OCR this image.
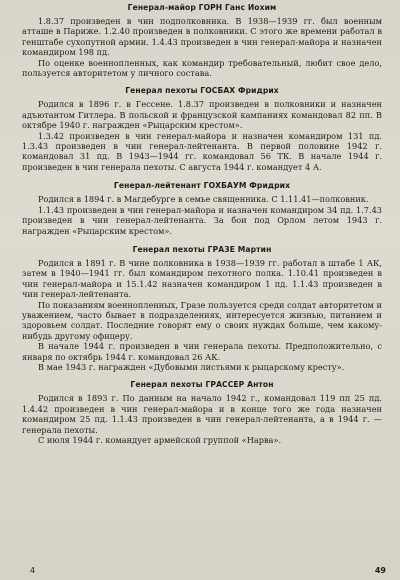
Генерал-майор ГОРН Ганс Иохим

1.8.37 произведен в чин подполковника. В 1938—1939 гг. был военным атташе в Париже. 1.2.40 произведен в полковники. С этого же времени работал в генштабе сухопутной армии. 1.4.43 произведен в чин генерал-майора и назначен командиром 198 пд.

По оценке военнопленных, как командир требовательный, любит свое дело, пользуется авторитетом у личного состава.

Генерал пехоты ГОСБАХ Фридрих

Родился в 1896 г. в Гессене. 1.8.37 произведен в полковники и назначен адъютантом Гитлера. В польской и французской кампаниях командовал 82 пп. В октябре 1940 г. награжден «Рыцарским крестом».

1.3.42 произведен в чин генерал-майора и назначен командиром 131 пд. 1.3.43 произведен в чин генерал-лейтенанта. В первой половине 1942 г. командовал 31 пд. В 1943—1944 гг. командовал 56 ТК. В начале 1944 г. произведен в чин генерала пехоты. С августа 1944 г. командует 4 А.

Генерал-лейтенант ГОХБАУМ Фридрих

Родился в 1894 г. в Магдебурге в семье священника. С 1.11.41—полковник.

1.1.43 произведен в чин генерал-майора и назначен командиром 34 пд. 1.7.43 произведен в чин генерал-лейтенанта. За бои под Орлом летом 1943 г. награжден «Рыцарским крестом».

Генерал пехоты ГРАЗЕ Мартин

Родился в 1891 г. В чине полковника в 1938—1939 гг. работал в штабе 1 АК, затем в 1940—1941 гг. был командиром пехотного полка. 1.10.41 произведен в чин генерал-майора и 15.1.42 назначен командиром 1 пд. 1.1.43 произведен в чин генерал-лейтенанта.

По показаниям военнопленных, Грaзе пользуется среди солдат авторитетом и уважением, часто бывает в подразделениях, интересуется жизнью, питанием и здоровьем солдат. Последние говорят ему о своих нуждах больше, чем какому-нибудь другому офицеру.

В начале 1944 г. произведен в чин генерала пехоты. Предположительно, с января по октябрь 1944 г. командовал 26 АК.

В мае 1943 г. награжден «Дубовыми листьями к рыцарскому кресту».

Генерал пехоты ГРАССЕР Антон

Родился в 1893 г. По данным на начало 1942 г., командовал 119 пп 25 пд. 1.4.42 произведен в чин генерал-майора и в конце того же года назначен командиром 25 пд. 1.1.43 произведен в чин генерал-лейтенанта, а в 1944 г. — генерала пехоты.

С июля 1944 г. командует армейской группой «Нарва».

4	49
